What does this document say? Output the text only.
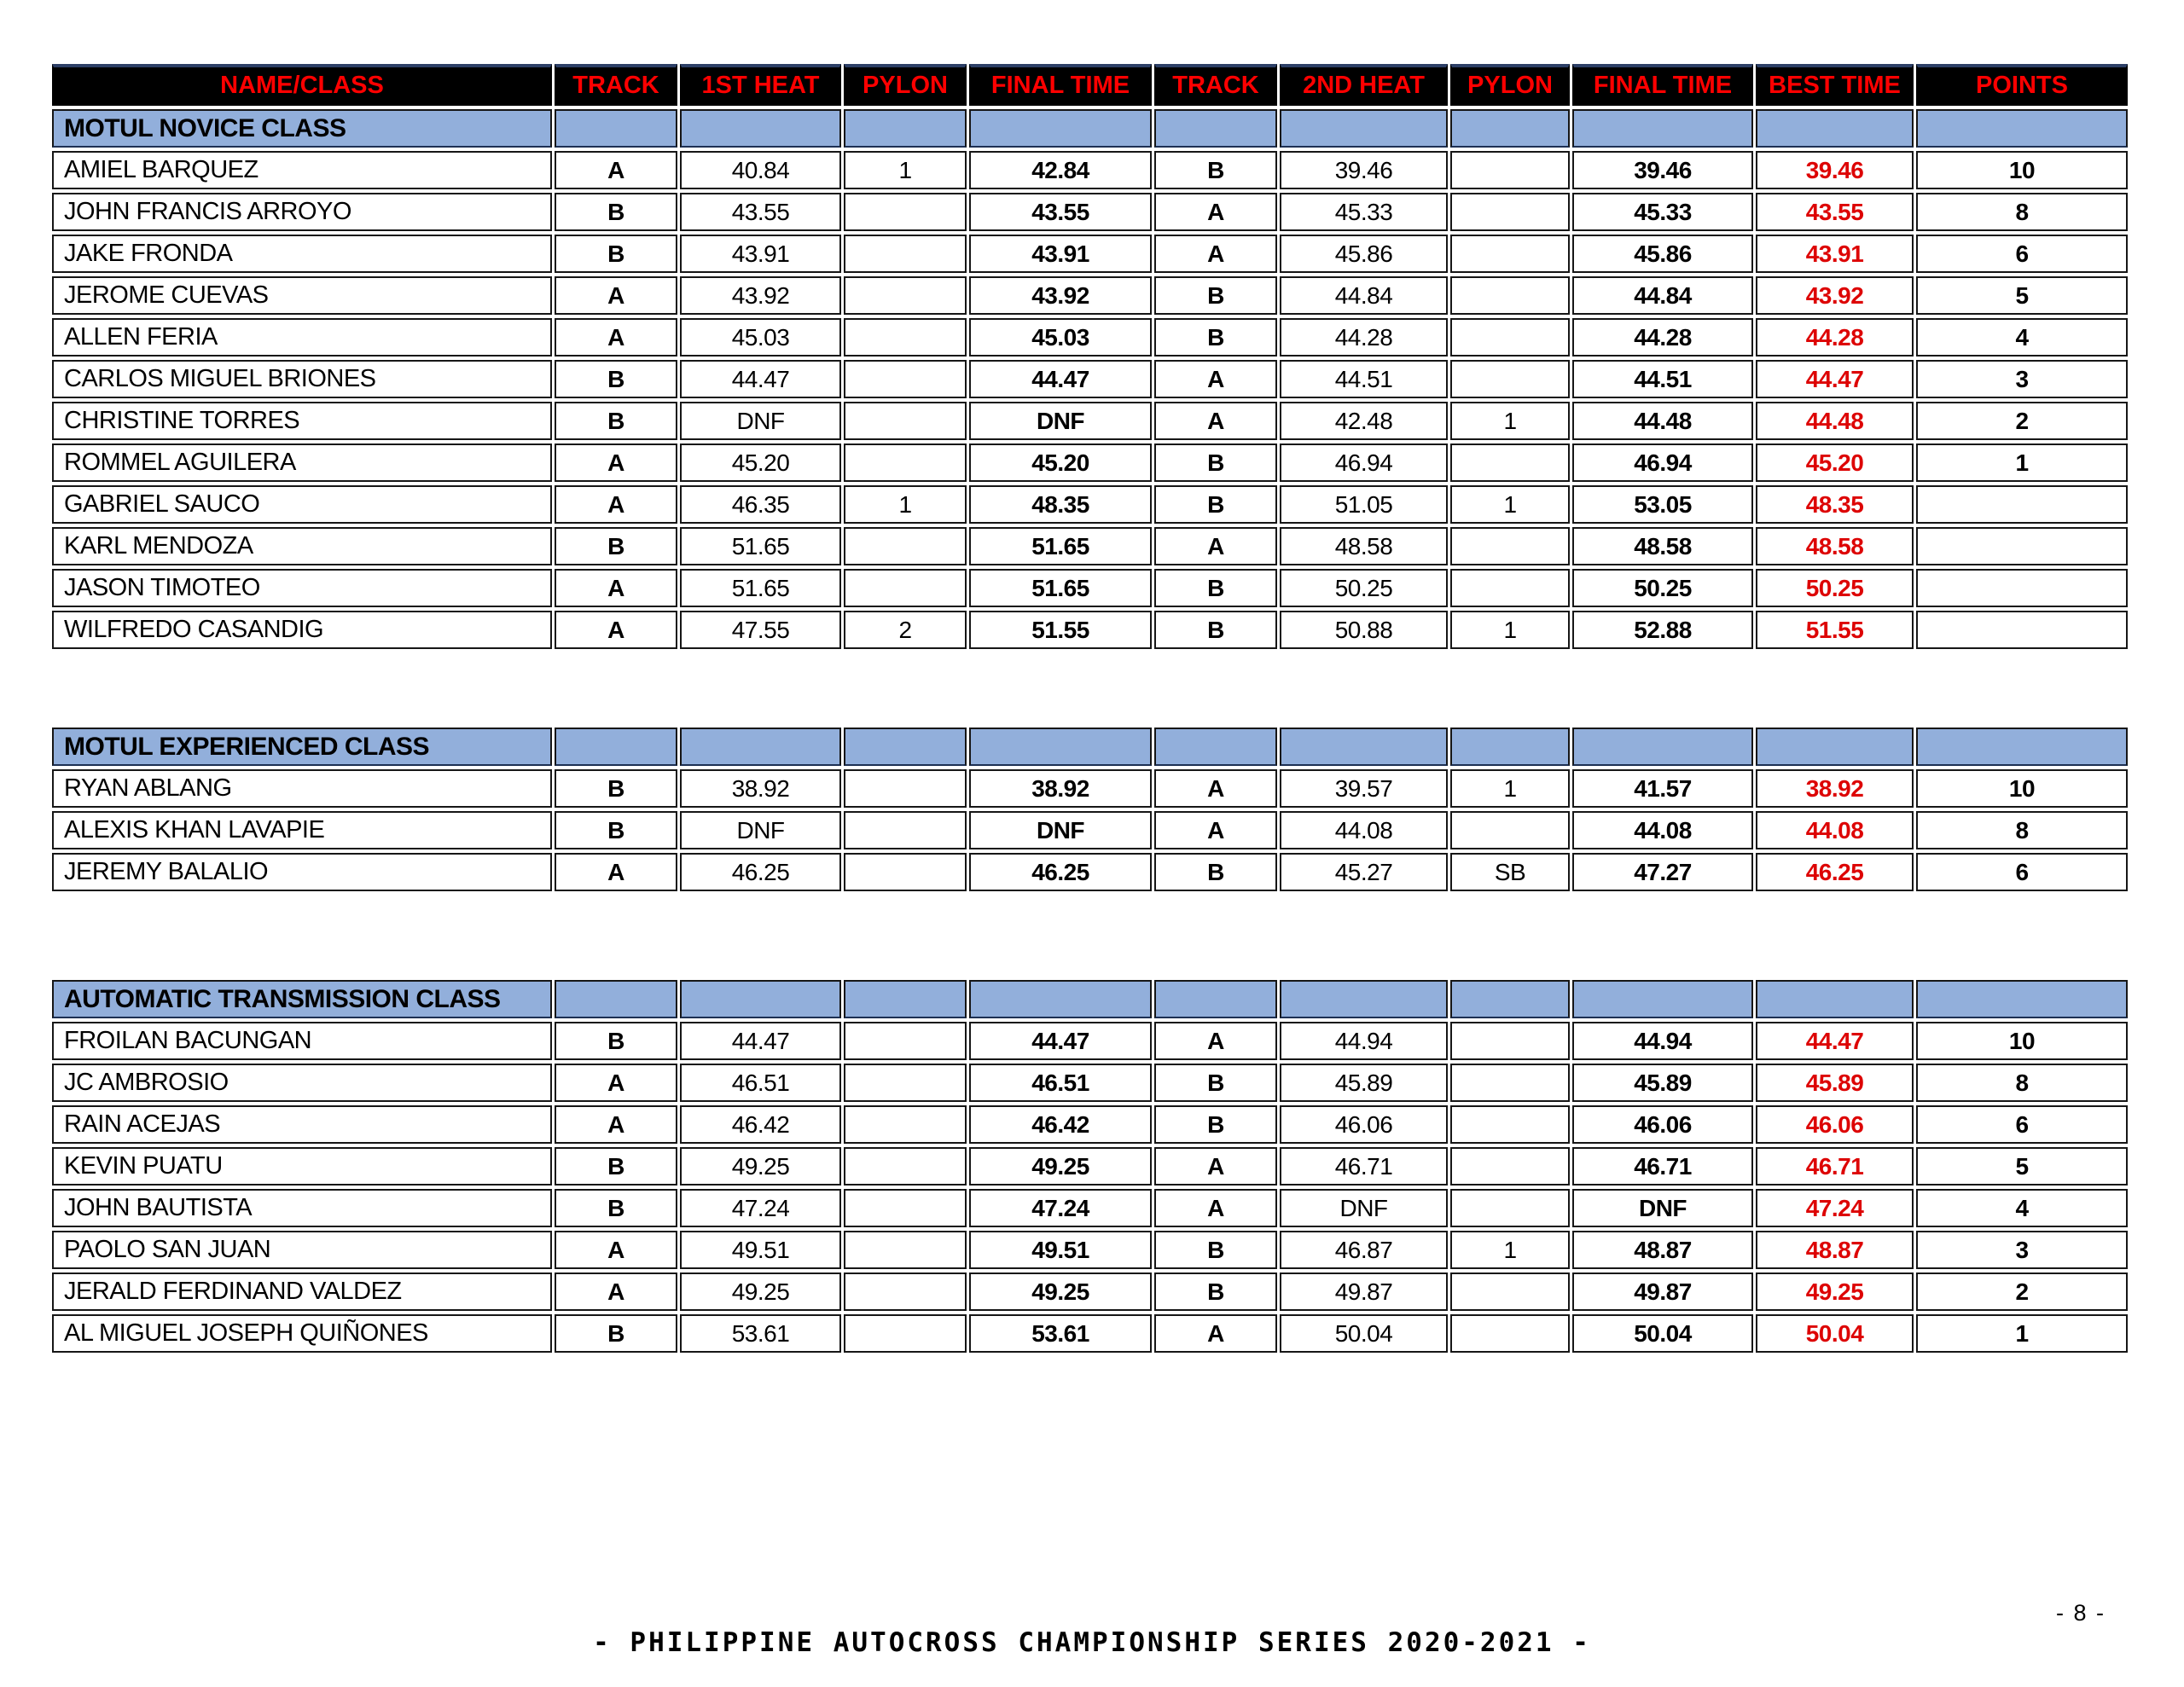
NAME/CLASS	TRACK	1ST HEAT	PYLON	FINAL TIME	TRACK	2ND HEAT	PYLON	FINAL TIME	BEST TIME	POINTS
MOTUL NOVICE CLASS										
AMIEL BARQUEZ	A	40.84	1	42.84	B	39.46		39.46	39.46	10
JOHN FRANCIS ARROYO	B	43.55		43.55	A	45.33		45.33	43.55	8
JAKE FRONDA	B	43.91		43.91	A	45.86		45.86	43.91	6
JEROME CUEVAS	A	43.92		43.92	B	44.84		44.84	43.92	5
ALLEN FERIA	A	45.03		45.03	B	44.28		44.28	44.28	4
CARLOS MIGUEL BRIONES	B	44.47		44.47	A	44.51		44.51	44.47	3
CHRISTINE TORRES	B	DNF		DNF	A	42.48	1	44.48	44.48	2
ROMMEL AGUILERA	A	45.20		45.20	B	46.94		46.94	45.20	1
GABRIEL SAUCO	A	46.35	1	48.35	B	51.05	1	53.05	48.35	
KARL MENDOZA	B	51.65		51.65	A	48.58		48.58	48.58	
JASON TIMOTEO	A	51.65		51.65	B	50.25		50.25	50.25	
WILFREDO CASANDIG	A	47.55	2	51.55	B	50.88	1	52.88	51.55	
MOTUL EXPERIENCED CLASS										
RYAN ABLANG	B	38.92		38.92	A	39.57	1	41.57	38.92	10
ALEXIS KHAN LAVAPIE	B	DNF		DNF	A	44.08		44.08	44.08	8
JEREMY BALALIO	A	46.25		46.25	B	45.27	SB	47.27	46.25	6
AUTOMATIC TRANSMISSION CLASS										
FROILAN BACUNGAN	B	44.47		44.47	A	44.94		44.94	44.47	10
JC AMBROSIO	A	46.51		46.51	B	45.89		45.89	45.89	8
RAIN ACEJAS	A	46.42		46.42	B	46.06		46.06	46.06	6
KEVIN PUATU	B	49.25		49.25	A	46.71		46.71	46.71	5
JOHN BAUTISTA	B	47.24		47.24	A	DNF		DNF	47.24	4
PAOLO SAN JUAN	A	49.51		49.51	B	46.87	1	48.87	48.87	3
JERALD FERDINAND VALDEZ	A	49.25		49.25	B	49.87		49.87	49.25	2
AL MIGUEL JOSEPH QUIÑONES	B	53.61		53.61	A	50.04		50.04	50.04	1
- PHILIPPINE AUTOCROSS CHAMPIONSHIP SERIES 2020-2021 -
- 8 -
